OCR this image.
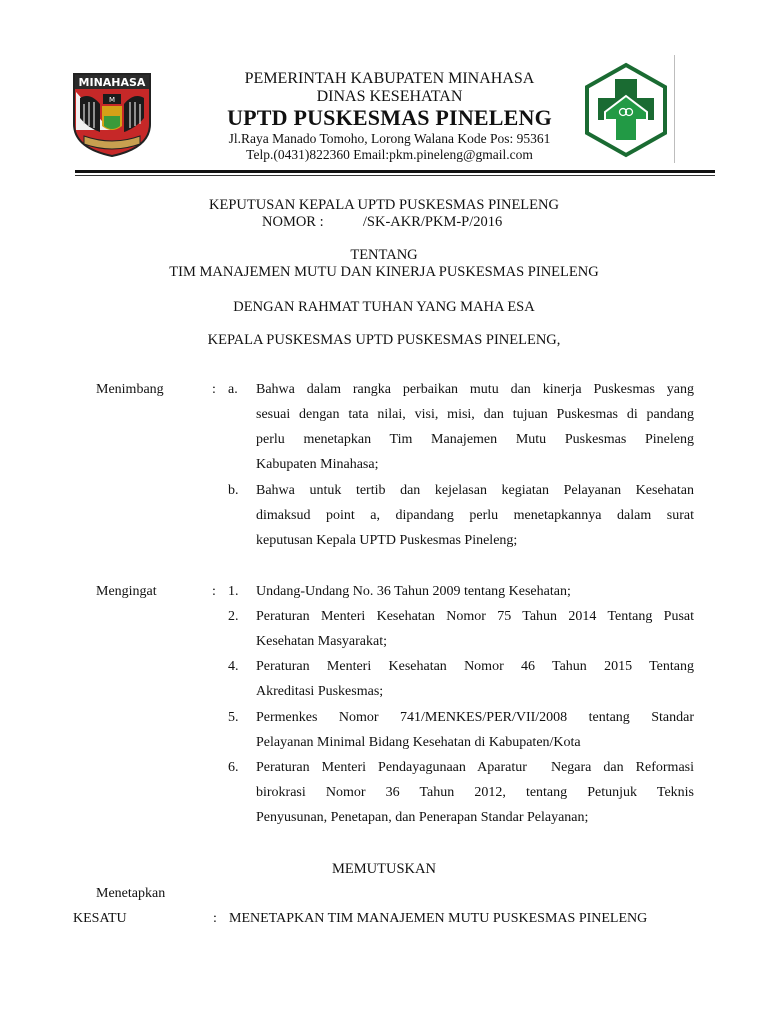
MINAHASA
M
PEMERINTAH KABUPATEN MINAHASA
DINAS KESEHATAN
UPTD PUSKESMAS PINELENG
Jl.Raya Manado Tomoho, Lorong Walana Kode Pos: 95361
Telp.(0431)822360 Email:pkm.pineleng@gmail.com
KEPUTUSAN KEPALA UPTD PUSKESMAS PINELENG
NOMOR :	/SK-AKR/PKM-P/2016
TENTANG
TIM MANAJEMEN MUTU DAN KINERJA PUSKESMAS PINELENG
DENGAN RAHMAT TUHAN YANG MAHA ESA
KEPALA PUSKESMAS UPTD PUSKESMAS PINELENG,
Menimbang	: a. Bahwa dalam rangka perbaikan mutu dan kinerja Puskesmas yang
sesuai dengan tata nilai, visi, misi, dan tujuan Puskesmas di pandang
perlu menetapkan Tim Manajemen Mutu Puskesmas Pineleng
Kabupaten Minahasa;
b. Bahwa untuk tertib dan kejelasan kegiatan Pelayanan Kesehatan
dimaksud point a, dipandang perlu menetapkannya dalam surat
keputusan Kepala UPTD Puskesmas Pineleng;
Mengingat	: 1. Undang-Undang No. 36 Tahun 2009 tentang Kesehatan;
2. Peraturan Menteri Kesehatan Nomor 75 Tahun 2014 Tentang Pusat
Kesehatan Masyarakat;
4. Peraturan Menteri Kesehatan Nomor 46 Tahun 2015 Tentang
Akreditasi Puskesmas;
5. Permenkes Nomor 741/MENKES/PER/VII/2008 tentang Standar
Pelayanan Minimal Bidang Kesehatan di Kabupaten/Kota
6. Peraturan Menteri Pendayagunaan Aparatur  Negara dan Reformasi
birokrasi Nomor 36 Tahun 2012, tentang Petunjuk Teknis
Penyusunan, Penetapan, dan Penerapan Standar Pelayanan;
MEMUTUSKAN
Menetapkan
KESATU	: MENETAPKAN TIM MANAJEMEN MUTU PUSKESMAS PINELENG
